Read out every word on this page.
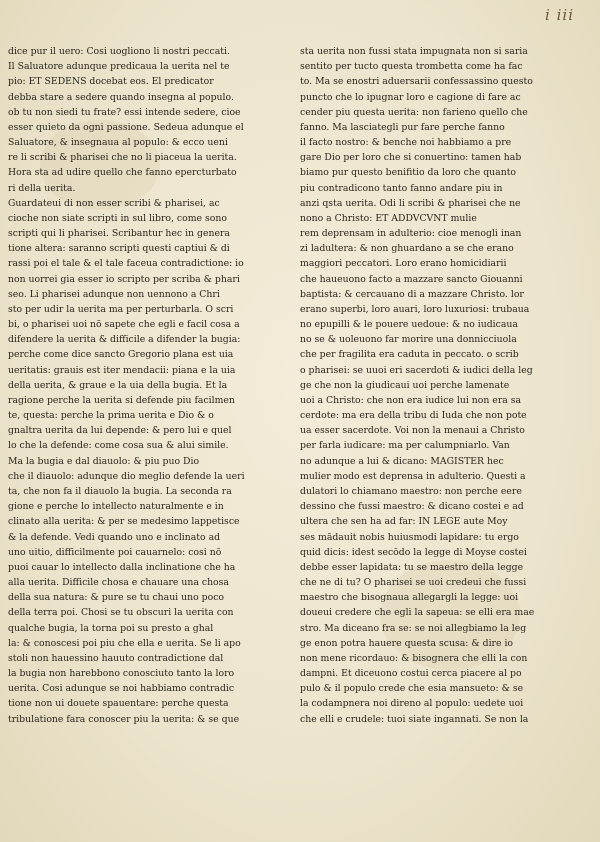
i iii
dice pur il uero: Cosi uogliono li nostri peccati.
Il Saluatore adunque predicaua la uerita nel te
pio: ET SEDENS docebat eos. El predicator
debba stare a sedere quando insegna al populo.
ob tu non siedi tu frate? essi intende sedere, cioe
esser quieto da ogni passione. Sedeua adunque el
Saluatore, & insegnaua al populo: & ecco ueni
re li scribi & pharisei che no li piaceua la uerita.
Hora sta ad udire quello che fanno epercturbato
ri della uerita.
Guardateui di non esser scribi & pharisei, ac
cioche non siate scripti in sul libro, come sono
scripti qui li pharisei. Scribantur hec in genera
tione altera: saranno scripti questi captiui & di
rassi poi el tale & el tale faceua contradictione: io
non uorrei gia esser io scripto per scriba & phari
seo. Li pharisei adunque non uennono a Chri
sto per udir la uerita ma per perturbarla. O scri
bi, o pharisei uoi nō sapete che egli e facil cosa a
difendere la uerita & difficile a difender la bugia:
perche come dice sancto Gregorio plana est uia
ueritatis: grauis est iter mendacii: piana e la uia
della uerita, & graue e la uia della bugia. Et la
ragione perche la uerita si defende piu facilmen
te, questa: perche la prima uerita e Dio & o
gnaltra uerita da lui depende: & pero lui e quel
lo che la defende: come cosa sua & alui simile.
Ma la bugia e dal diauolo: & piu puo Dio
che il diauolo: adunque dio meglio defende la ueri
ta, che non fa il diauolo la bugia. La seconda ra
gione e perche lo intellecto naturalmente e in
clinato alla uerita: & per se medesimo lappetisce
& la defende. Vedi quando uno e inclinato ad
uno uitio, difficilmente poi cauarnelo: cosi nō
puoi cauar lo intellecto dalla inclinatione che ha
alla uerita. Difficile chosa e chauare una chosa
della sua natura: & pure se tu chaui uno poco
della terra poi. Chosi se tu obscuri la uerita con
qualche bugia, la torna poi su presto a ghal
la: & conoscesi poi piu che ella e uerita. Se li apo
stoli non hauessino hauuto contradictione dal
la bugia non harebbono conosciuto tanto la loro
uerita. Cosi adunque se noi habbiamo contradic
tione non ui douete spauentare: perche questa
tribulatione fara conoscer piu la uerita: & se que
sta uerita non fussi stata impugnata non si saria
sentito per tucto questa trombetta come ha fac
to. Ma se enostri aduersarii confessassino questo
puncto che lo ipugnar loro e cagione di fare ac
cender piu questa uerita: non farieno quello che
fanno. Ma lasciategli pur fare perche fanno
il facto nostro: & benche noi habbiamo a pre
gare Dio per loro che si conuertino: tamen hab
biamo pur questo benifitio da loro che quanto
piu contradicono tanto fanno andare piu in
anzi qsta uerita. Odi li scribi & pharisei che ne
nono a Christo: ET ADDVCVNT mulie
rem deprensam in adulterio: cioe menogli inan
zi ladultera: & non ghuardano a se che erano
maggiori peccatori. Loro erano homicidiarii
che haueuono facto a mazzare sancto Giouanni
baptista: & cercauano di a mazzare Christo. lor
erano superbi, loro auari, loro luxuriosi: trubaua
no epupilli & le pouere uedoue: & no iudicaua
no se & uoleuono far morire una donnicciuola
che per fragilita era caduta in peccato. o scrib
o pharisei: se uuoi eri sacerdoti & iudici della leg
ge che non la giudicaui uoi perche lamenate
uoi a Christo: che non era iudice lui non era sa
cerdote: ma era della tribu di Iuda che non pote
ua esser sacerdote. Voi non la menaui a Christo
per farla iudicare: ma per calumpniarlo. Van
no adunque a lui & dicano: MAGISTER hec
mulier modo est deprensa in adulterio. Questi a
dulatori lo chiamano maestro: non perche eere
dessino che fussi maestro: & dicano costei e ad
ultera che sen ha ad far: IN LEGE aute Moy
ses mādauit nobis huiusmodi lapidare: tu ergo
quid dicis: idest secōdo la legge di Moyse costei
debbe esser lapidata: tu se maestro della legge
che ne di tu? O pharisei se uoi credeui che fussi
maestro che bisognaua allegargli la legge: uoi
doueui credere che egli la sapeua: se elli era mae
stro. Ma diceano fra se: se noi allegbiamo la leg
ge enon potra hauere questa scusa: & dire io
non mene ricordauo: & bisognera che elli la con
dampni. Et diceuono costui cerca piacere al po
pulo & il populo crede che esia mansueto: & se
la codampnera noi direno al populo: uedete uoi
che elli e crudele: tuoi siate ingannati. Se non la
